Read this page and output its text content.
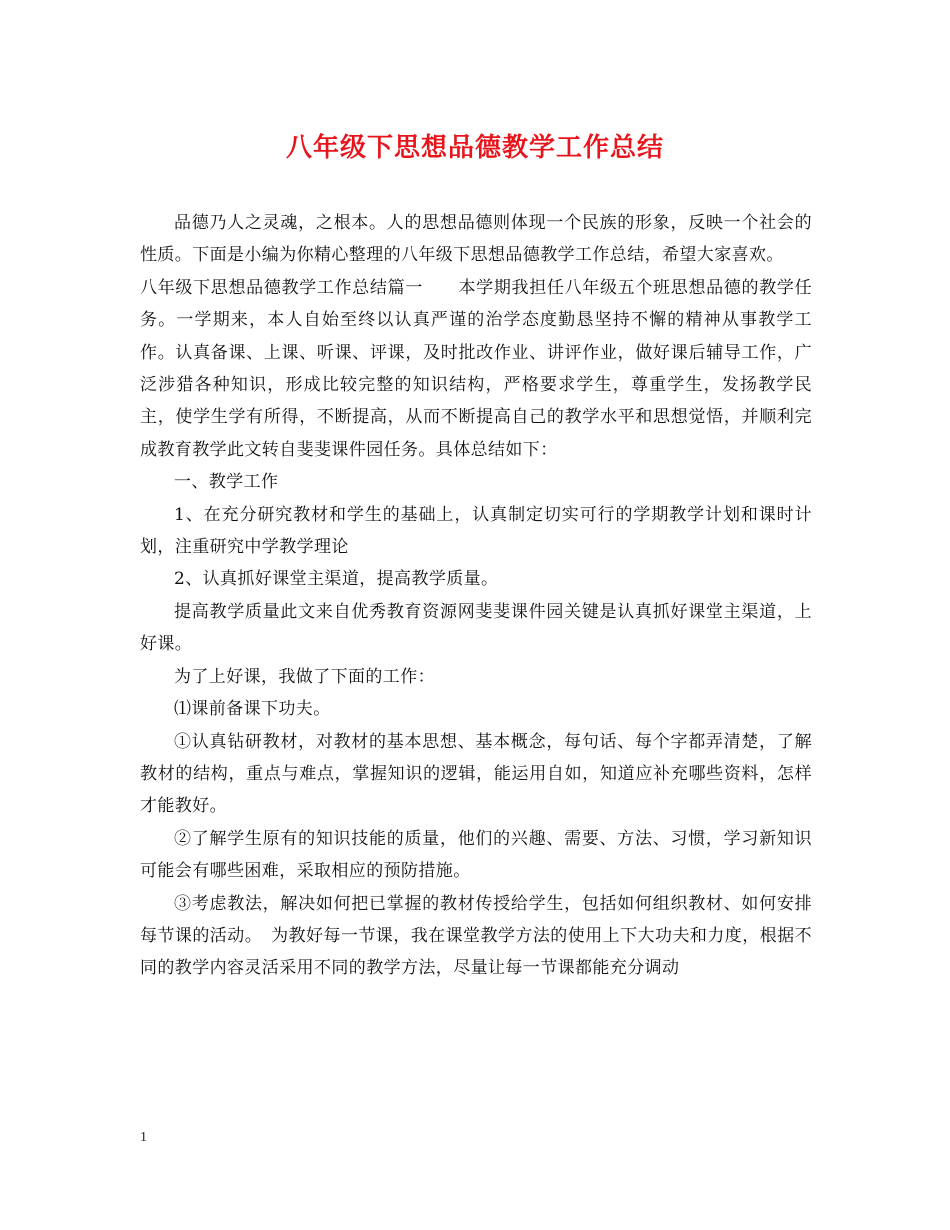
八年级下思想品德教学工作总结

品德乃人之灵魂，之根本。人的思想品德则体现一个民族的形象，反映一个社会的性质。下面是小编为你精心整理的八年级下思想品德教学工作总结，希望大家喜欢。

八年级下思想品德教学工作总结篇一　　本学期我担任八年级五个班思想品德的教学任务。一学期来，本人自始至终以认真严谨的治学态度勤恳坚持不懈的精神从事教学工作。认真备课、上课、听课、评课，及时批改作业、讲评作业，做好课后辅导工作，广泛涉猎各种知识，形成比较完整的知识结构，严格要求学生，尊重学生，发扬教学民主，使学生学有所得，不断提高，从而不断提高自己的教学水平和思想觉悟，并顺利完成教育教学此文转自斐斐课件园任务。具体总结如下：

一、教学工作

1、在充分研究教材和学生的基础上，认真制定切实可行的学期教学计划和课时计划，注重研究中学教学理论

2、认真抓好课堂主渠道，提高教学质量。

提高教学质量此文来自优秀教育资源网斐斐课件园关键是认真抓好课堂主渠道，上好课。

为了上好课，我做了下面的工作：

⑴课前备课下功夫。

①认真钻研教材，对教材的基本思想、基本概念，每句话、每个字都弄清楚，了解教材的结构，重点与难点，掌握知识的逻辑，能运用自如，知道应补充哪些资料，怎样才能教好。

②了解学生原有的知识技能的质量，他们的兴趣、需要、方法、习惯，学习新知识可能会有哪些困难，采取相应的预防措施。

③考虑教法，解决如何把已掌握的教材传授给学生，包括如何组织教材、如何安排每节课的活动。　为教好每一节课，我在课堂教学方法的使用上下大功夫和力度，根据不同的教学内容灵活采用不同的教学方法，尽量让每一节课都能充分调动

1
